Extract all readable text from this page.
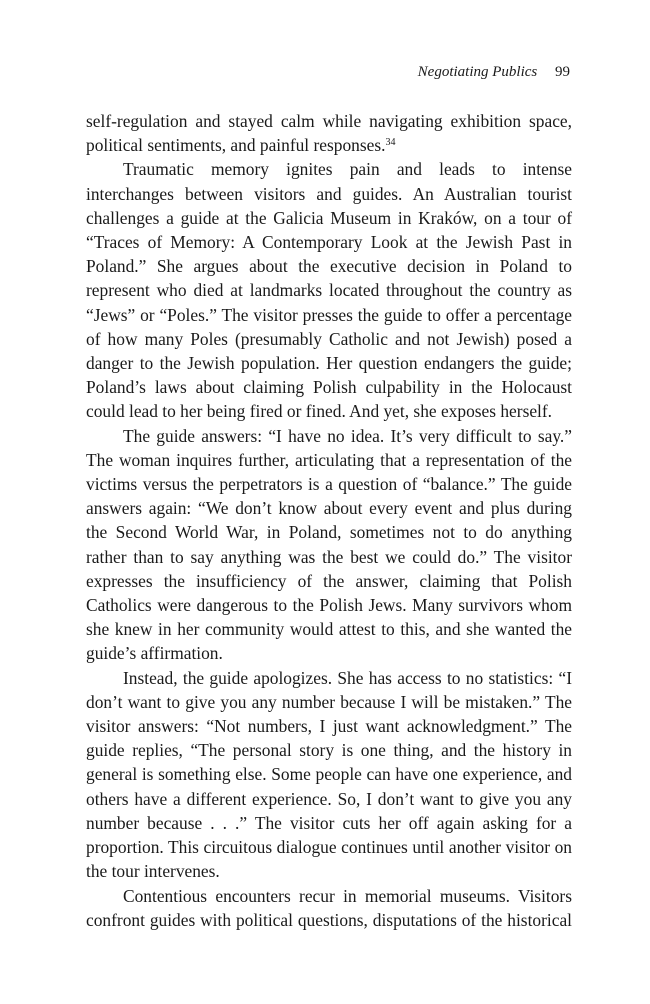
Negotiating Publics 99

self-regulation and stayed calm while navigating exhibition space, political sentiments, and painful responses.$^{34}$

Traumatic memory ignites pain and leads to intense interchanges between visitors and guides. An Australian tourist challenges a guide at the Galicia Museum in Kraków, on a tour of “Traces of Memory: A Contemporary Look at the Jewish Past in Poland.” She argues about the executive decision in Poland to represent who died at landmarks located throughout the country as “Jews” or “Poles.” The visitor presses the guide to offer a percentage of how many Poles (presumably Catholic and not Jewish) posed a danger to the Jewish population. Her question endangers the guide; Poland’s laws about claiming Polish culpability in the Holocaust could lead to her being fired or fined. And yet, she exposes herself.

The guide answers: “I have no idea. It’s very difficult to say.” The woman inquires further, articulating that a representation of the victims versus the perpetrators is a question of “balance.” The guide answers again: “We don’t know about every event and plus during the Second World War, in Poland, sometimes not to do anything rather than to say anything was the best we could do.” The visitor expresses the insufficiency of the answer, claiming that Polish Catholics were dangerous to the Polish Jews. Many survivors whom she knew in her community would attest to this, and she wanted the guide’s affirmation.

Instead, the guide apologizes. She has access to no statistics: “I don’t want to give you any number because I will be mistaken.” The visitor answers: “Not numbers, I just want acknowledgment.” The guide replies, “The personal story is one thing, and the history in general is something else. Some people can have one experience, and others have a different experience. So, I don’t want to give you any number because . . .” The visitor cuts her off again asking for a proportion. This circuitous dialogue continues until another visitor on the tour intervenes.

Contentious encounters recur in memorial museums. Visitors confront guides with political questions, disputations of the historical
